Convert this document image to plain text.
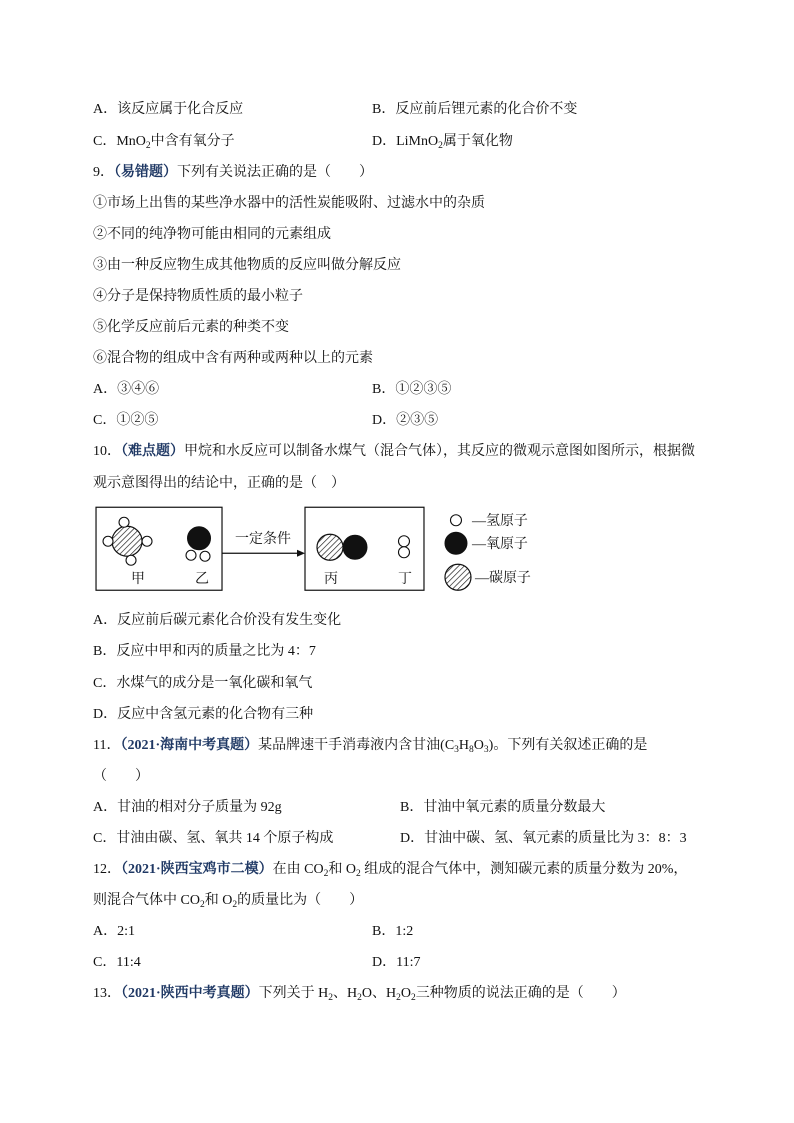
A．该反应属于化合反应	B．反应前后锂元素的化合价不变
C．MnO$_2$中含有氧分子	D．LiMnO$_2$属于氧化物
9．（易错题）下列有关说法正确的是（　　）
①市场上出售的某些净水器中的活性炭能吸附、过滤水中的杂质
②不同的纯净物可能由相同的元素组成
③由一种反应物生成其他物质的反应叫做分解反应
④分子是保持物质性质的最小粒子
⑤化学反应前后元素的种类不变
⑥混合物的组成中含有两种或两种以上的元素
A．③④⑥	B．①②③⑤
C．①②⑤	D．②③⑤
10．（难点题）甲烷和水反应可以制备水煤气（混合气体），其反应的微观示意图如图所示，根据微
观示意图得出的结论中，正确的是（　）
甲	乙
一定条件
丙	丁
—氢原子
—氧原子
—碳原子
A．反应前后碳元素化合价没有发生变化
B．反应中甲和丙的质量之比为 4：7
C．水煤气的成分是一氧化碳和氧气
D．反应中含氢元素的化合物有三种
11．（2021·海南中考真题）某品牌速干手消毒液内含甘油$(C_3H_8O_3)$。下列有关叙述正确的是
（　　）
A．甘油的相对分子质量为 92g	B．甘油中氧元素的质量分数最大
C．甘油由碳、氢、氧共 14 个原子构成	D．甘油中碳、氢、氧元素的质量比为 3：8：3
12．（2021·陕西宝鸡市二模）在由 $CO_2$和 $O_2$ 组成的混合气体中，测知碳元素的质量分数为 20%，
则混合气体中 $CO_2$和 $O_2$的质量比为（　　）
A．2:1	B．1:2
C．11:4	D．11:7
13．（2021·陕西中考真题）下列关于 $H_2$、$H_2O$、$H_2O_2$三种物质的说法正确的是（　　）
